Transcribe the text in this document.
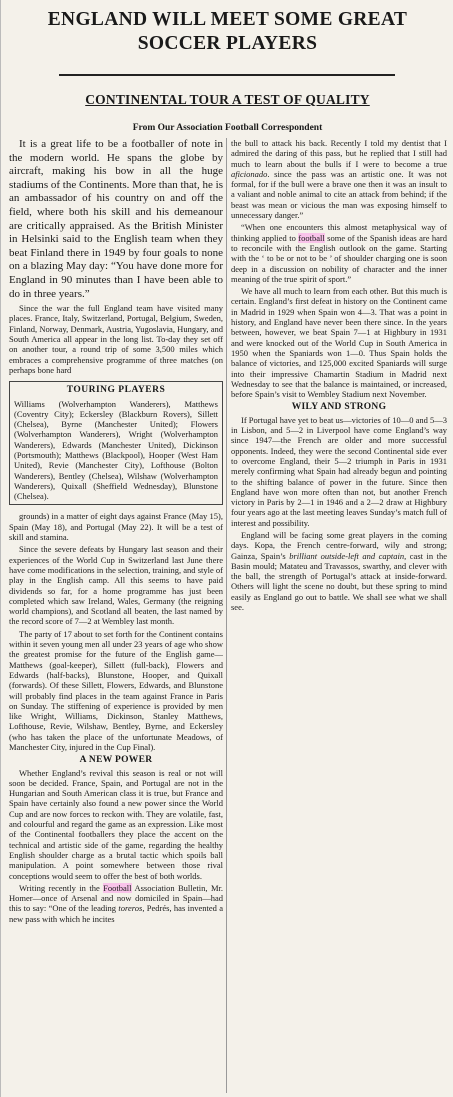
ENGLAND WILL MEET SOME GREAT
SOCCER PLAYERS
CONTINENTAL TOUR A TEST OF QUALITY
From Our Association Football Correspondent

It is a great life to be a footballer of note in the modern world. He spans the globe by aircraft, making his bow in all the huge stadiums of the Continents. More than that, he is an ambassador of his country on and off the field, where both his skill and his demeanour are critically appraised. As the British Minister in Helsinki said to the English team when they beat Finland there in 1949 by four goals to none on a blazing May day: “You have done more for England in 90 minutes than I have been able to do in three years.”

Since the war the full England team have visited many places. France, Italy, Switzerland, Portugal, Belgium, Sweden, Finland, Norway, Denmark, Austria, Yugoslavia, Hungary, and South America all appear in the long list. To-day they set off on another tour, a round trip of some 3,500 miles which embraces a comprehensive programme of three matches (on perhaps bone hard

TOURING PLAYERS
Williams (Wolverhampton Wanderers), Matthews (Coventry City); Eckersley (Blackburn Rovers), Sillett (Chelsea), Byrne (Manchester United); Flowers (Wolverhampton Wanderers), Wright (Wolverhampton Wanderers), Edwards (Manchester United), Dickinson (Portsmouth); Matthews (Blackpool), Hooper (West Ham United), Revie (Manchester City), Lofthouse (Bolton Wanderers), Bentley (Chelsea), Wilshaw (Wolverhampton Wanderers), Quixall (Sheffield Wednesday), Blunstone (Chelsea).

grounds) in a matter of eight days against France (May 15), Spain (May 18), and Portugal (May 22). It will be a test of skill and stamina.

Since the severe defeats by Hungary last season and their experiences of the World Cup in Switzerland last June there have come modifications in the selection, training, and style of play in the English camp. All this seems to have paid dividends so far, for a home programme has just been completed which saw Ireland, Wales, Germany (the reigning world champions), and Scotland all beaten, the last named by the record score of 7—2 at Wembley last month.

The party of 17 about to set forth for the Continent contains within it seven young men all under 23 years of age who show the greatest promise for the future of the English game—Matthews (goal-keeper), Sillett (full-back), Flowers and Edwards (half-backs), Blunstone, Hooper, and Quixall (forwards). Of these Sillett, Flowers, Edwards, and Blunstone will probably find places in the team against France in Paris on Sunday. The stiffening of experience is provided by men like Wright, Williams, Dickinson, Stanley Matthews, Lofthouse, Revie, Wilshaw, Bentley, Byrne, and Eckersley (who has taken the place of the unfortunate Meadows, of Manchester City, injured in the Cup Final).

A NEW POWER

Whether England’s revival this season is real or not will soon be decided. France, Spain, and Portugal are not in the Hungarian and South American class it is true, but France and Spain have certainly also found a new power since the World Cup and are now forces to reckon with. They are volatile, fast, and colourful and regard the game as an expression. Like most of the Continental footballers they place the accent on the technical and artistic side of the game, regarding the healthy English shoulder charge as a brutal tactic which spoils ball manipulation. A point somewhere between those rival conceptions would seem to offer the best of both worlds.

Writing recently in the Football Association Bulletin, Mr. Homer—once of Arsenal and now domiciled in Spain—had this to say: “One of the leading toreros, Pedrés, has invented a new pass with which he incites

the bull to attack his back. Recently I told my dentist that I admired the daring of this pass, but he replied that I still had much to learn about the bulls if I were to become a true aficionado. since the pass was an artistic one. It was not formal, for if the bull were a brave one then it was an insult to a valiant and noble animal to cite an attack from behind; if the beast was mean or vicious the man was exposing himself to unnecessary danger.”

“When one encounters this almost metaphysical way of thinking applied to football some of the Spanish ideas are hard to reconcile with the English outlook on the game. Starting with the ‘ to be or not to be ’ of shoulder charging one is soon deep in a discussion on nobility of character and the inner meaning of the true spirit of sport.”

We have all much to learn from each other. But this much is certain. England’s first defeat in history on the Continent came in Madrid in 1929 when Spain won 4—3. That was a point in history, and England have never been there since. In the years between, however, we beat Spain 7—1 at Highbury in 1931 and were knocked out of the World Cup in South America in 1950 when the Spaniards won 1—0. Thus Spain holds the balance of victories, and 125,000 excited Spaniards will surge into their impressive Chamartin Stadium in Madrid next Wednesday to see that the balance is maintained, or increased, before Spain’s visit to Wembley Stadium next November.

WILY AND STRONG

If Portugal have yet to beat us—victories of 10—0 and 5—3 in Lisbon, and 5—2 in Liverpool have come England’s way since 1947—the French are older and more successful opponents. Indeed, they were the second Continental side ever to overcome England, their 5—2 triumph in Paris in 1931 merely confirming what Spain had already begun and pointing to the shifting balance of power in the future. Since then England have won more often than not, but another French victory in Paris by 2—1 in 1946 and a 2—2 draw at Highbury four years ago at the last meeting leaves Sunday’s match full of interest and possibility.

England will be facing some great players in the coming days. Kopa, the French centre-forward, wily and strong; Gainza, Spain’s brilliant outside-left and captain, cast in the Basin mould; Matateu and Travassos, swarthy, and clever with the ball, the strength of Portugal’s attack at inside-forward. Others will light the scene no doubt, but these spring to mind easily as England go out to battle. We shall see what we shall see.
